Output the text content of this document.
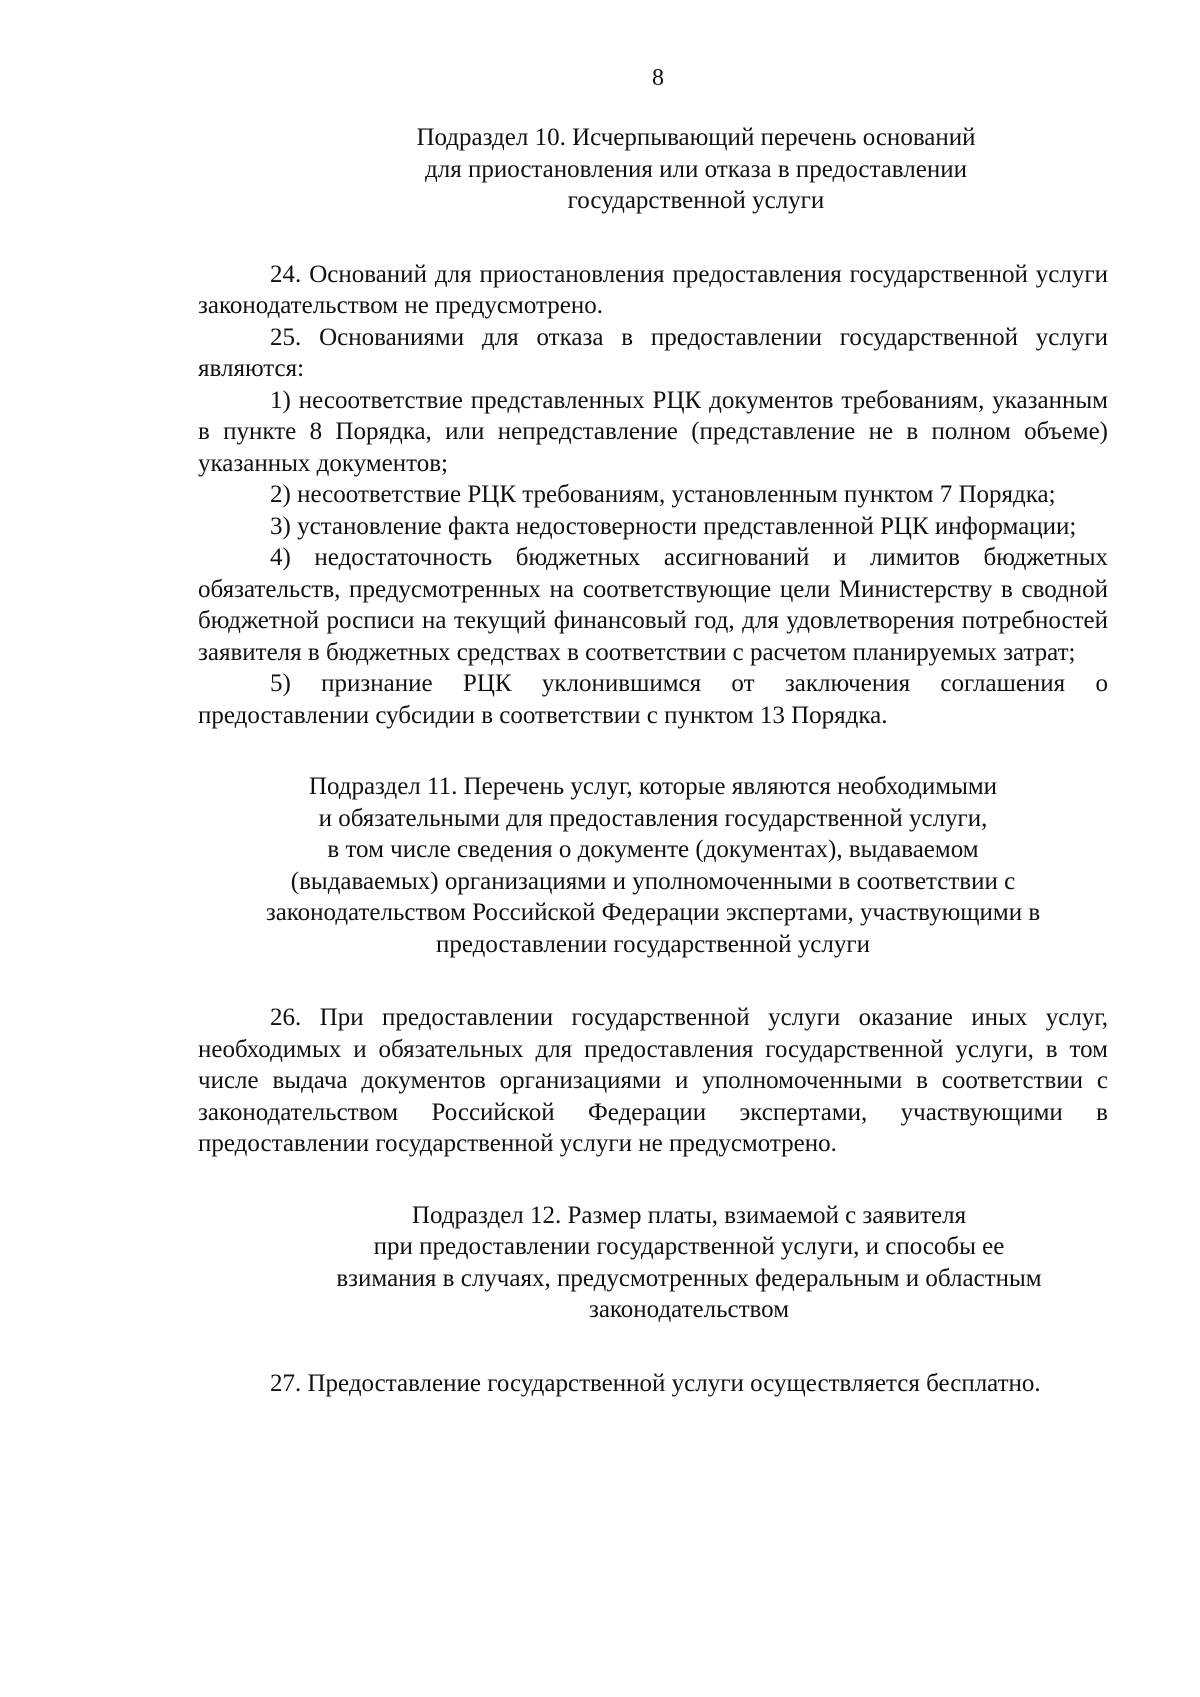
8
Подраздел 10. Исчерпывающий перечень оснований
для приостановления или отказа в предоставлении
государственной услуги

24. Оснований для приостановления предоставления государственной услуги законодательством не предусмотрено.

25. Основаниями для отказа в предоставлении государственной услуги являются:

1) несоответствие представленных РЦК документов требованиям, указанным в пункте 8 Порядка, или непредставление (представление не в полном объеме) указанных документов;

2) несоответствие РЦК требованиям, установленным пунктом 7 Порядка;

3) установление факта недостоверности представленной РЦК информации;

4) недостаточность бюджетных ассигнований и лимитов бюджетных обязательств, предусмотренных на соответствующие цели Министерству в сводной бюджетной росписи на текущий финансовый год, для удовлетворения потребностей заявителя в бюджетных средствах в соответствии с расчетом планируемых затрат;

5) признание РЦК уклонившимся от заключения соглашения о предоставлении субсидии в соответствии с пунктом 13 Порядка.

Подраздел 11. Перечень услуг, которые являются необходимыми
и обязательными для предоставления государственной услуги,
в том числе сведения о документе (документах), выдаваемом
(выдаваемых) организациями и уполномоченными в соответствии с
законодательством Российской Федерации экспертами, участвующими в
предоставлении государственной услуги

26. При предоставлении государственной услуги оказание иных услуг, необходимых и обязательных для предоставления государственной услуги, в том числе выдача документов организациями и уполномоченными в соответствии с законодательством Российской Федерации экспертами, участвующими в предоставлении государственной услуги не предусмотрено.

Подраздел 12. Размер платы, взимаемой с заявителя
при предоставлении государственной услуги, и способы ее
взимания в случаях, предусмотренных федеральным и областным
законодательством

27. Предоставление государственной услуги осуществляется бесплатно.
